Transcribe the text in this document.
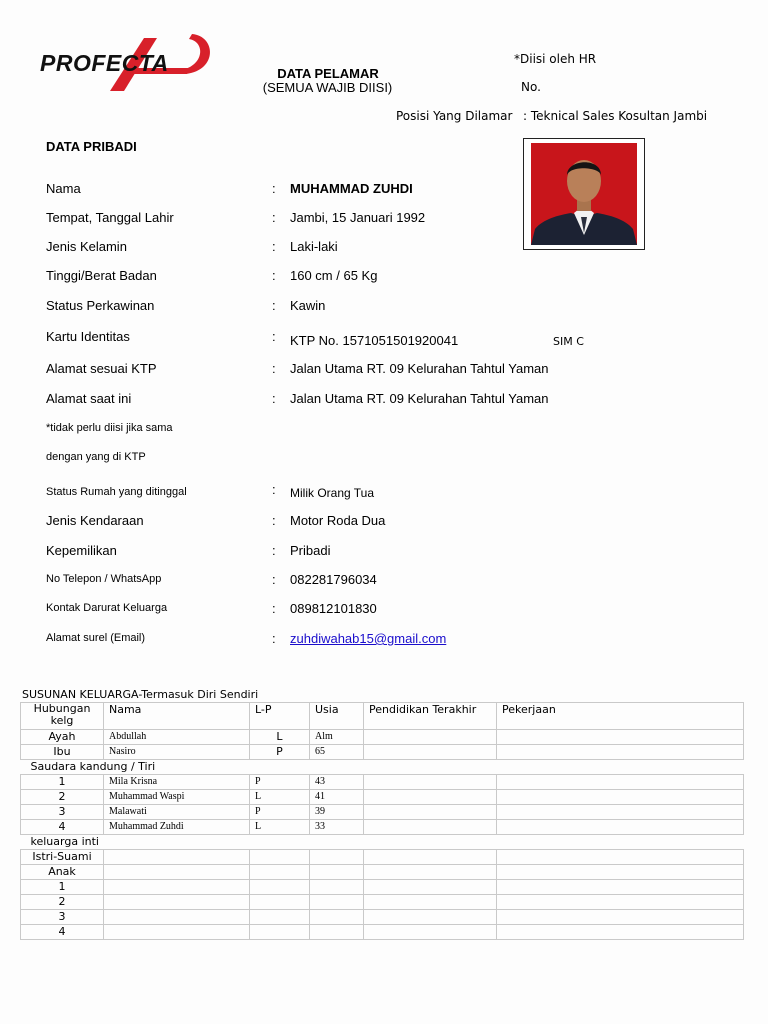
PROFECTA	DATA PELAMAR
(SEMUA WAJIB DIISI)
*Diisi oleh HR
No.
Posisi Yang Dilamar : Teknical Sales Kosultan Jambi
DATA PRIBADI
Nama	: MUHAMMAD ZUHDI
Tempat, Tanggal Lahir	: Jambi, 15 Januari 1992
Jenis Kelamin	: Laki-laki
Tinggi/Berat Badan	: 160 cm / 65 Kg
Status Perkawinan	: Kawin
Kartu Identitas	: KTP No. 1571051501920041	SIM C
Alamat sesuai KTP	: Jalan Utama RT. 09 Kelurahan Tahtul Yaman
Alamat saat ini	: Jalan Utama RT. 09 Kelurahan Tahtul Yaman
*tidak perlu diisi jika sama
dengan yang di KTP
Status Rumah yang ditinggal	: Milik Orang Tua
Jenis Kendaraan	: Motor Roda Dua
Kepemilikan	: Pribadi
No Telepon / WhatsApp	: 082281796034
Kontak Darurat Keluarga	: 089812101830
Alamat surel (Email)	: zuhdiwahab15@gmail.com
SUSUNAN KELUARGA-Termasuk Diri Sendiri
Hubungan kelg	Nama	L-P	Usia	Pendidikan Terakhir	Pekerjaan
Ayah	Abdullah	L	Alm		
Ibu	Nasiro	P	65		
Saudara kandung / Tiri					
1	Mila Krisna	P	43		
2	Muhammad Waspi	L	41		
3	Malawati	P	39		
4	Muhammad Zuhdi	L	33		
keluarga inti					
Istri-Suami					
Anak					
1					
2					
3					
4					
